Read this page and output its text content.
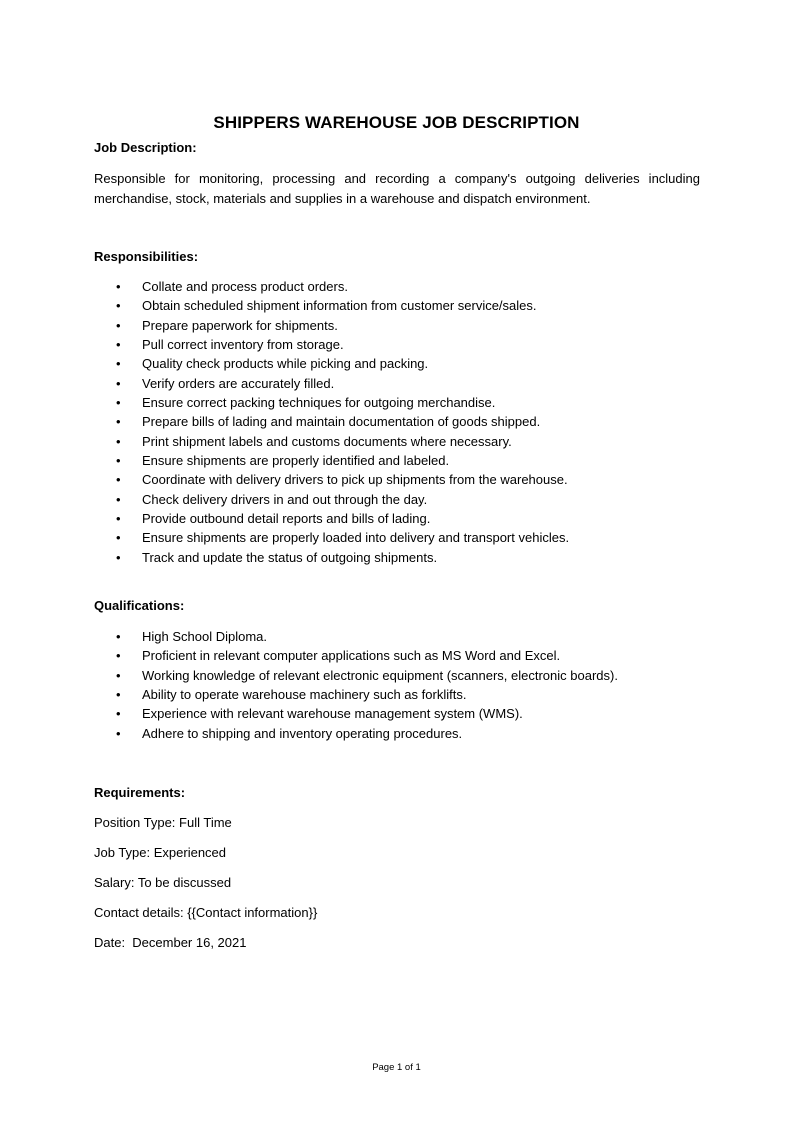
SHIPPERS WAREHOUSE JOB DESCRIPTION
Job Description:
Responsible for monitoring, processing and recording a company's outgoing deliveries including merchandise, stock, materials and supplies in a warehouse and dispatch environment.
Responsibilities:
• Collate and process product orders.
• Obtain scheduled shipment information from customer service/sales.
• Prepare paperwork for shipments.
• Pull correct inventory from storage.
• Quality check products while picking and packing.
• Verify orders are accurately filled.
• Ensure correct packing techniques for outgoing merchandise.
• Prepare bills of lading and maintain documentation of goods shipped.
• Print shipment labels and customs documents where necessary.
• Ensure shipments are properly identified and labeled.
• Coordinate with delivery drivers to pick up shipments from the warehouse.
• Check delivery drivers in and out through the day.
• Provide outbound detail reports and bills of lading.
• Ensure shipments are properly loaded into delivery and transport vehicles.
• Track and update the status of outgoing shipments.
Qualifications:
• High School Diploma.
• Proficient in relevant computer applications such as MS Word and Excel.
• Working knowledge of relevant electronic equipment (scanners, electronic boards).
• Ability to operate warehouse machinery such as forklifts.
• Experience with relevant warehouse management system (WMS).
• Adhere to shipping and inventory operating procedures.
Requirements:
Position Type: Full Time
Job Type: Experienced
Salary: To be discussed
Contact details: {{Contact information}}
Date:  December 16, 2021
Page 1 of 1
